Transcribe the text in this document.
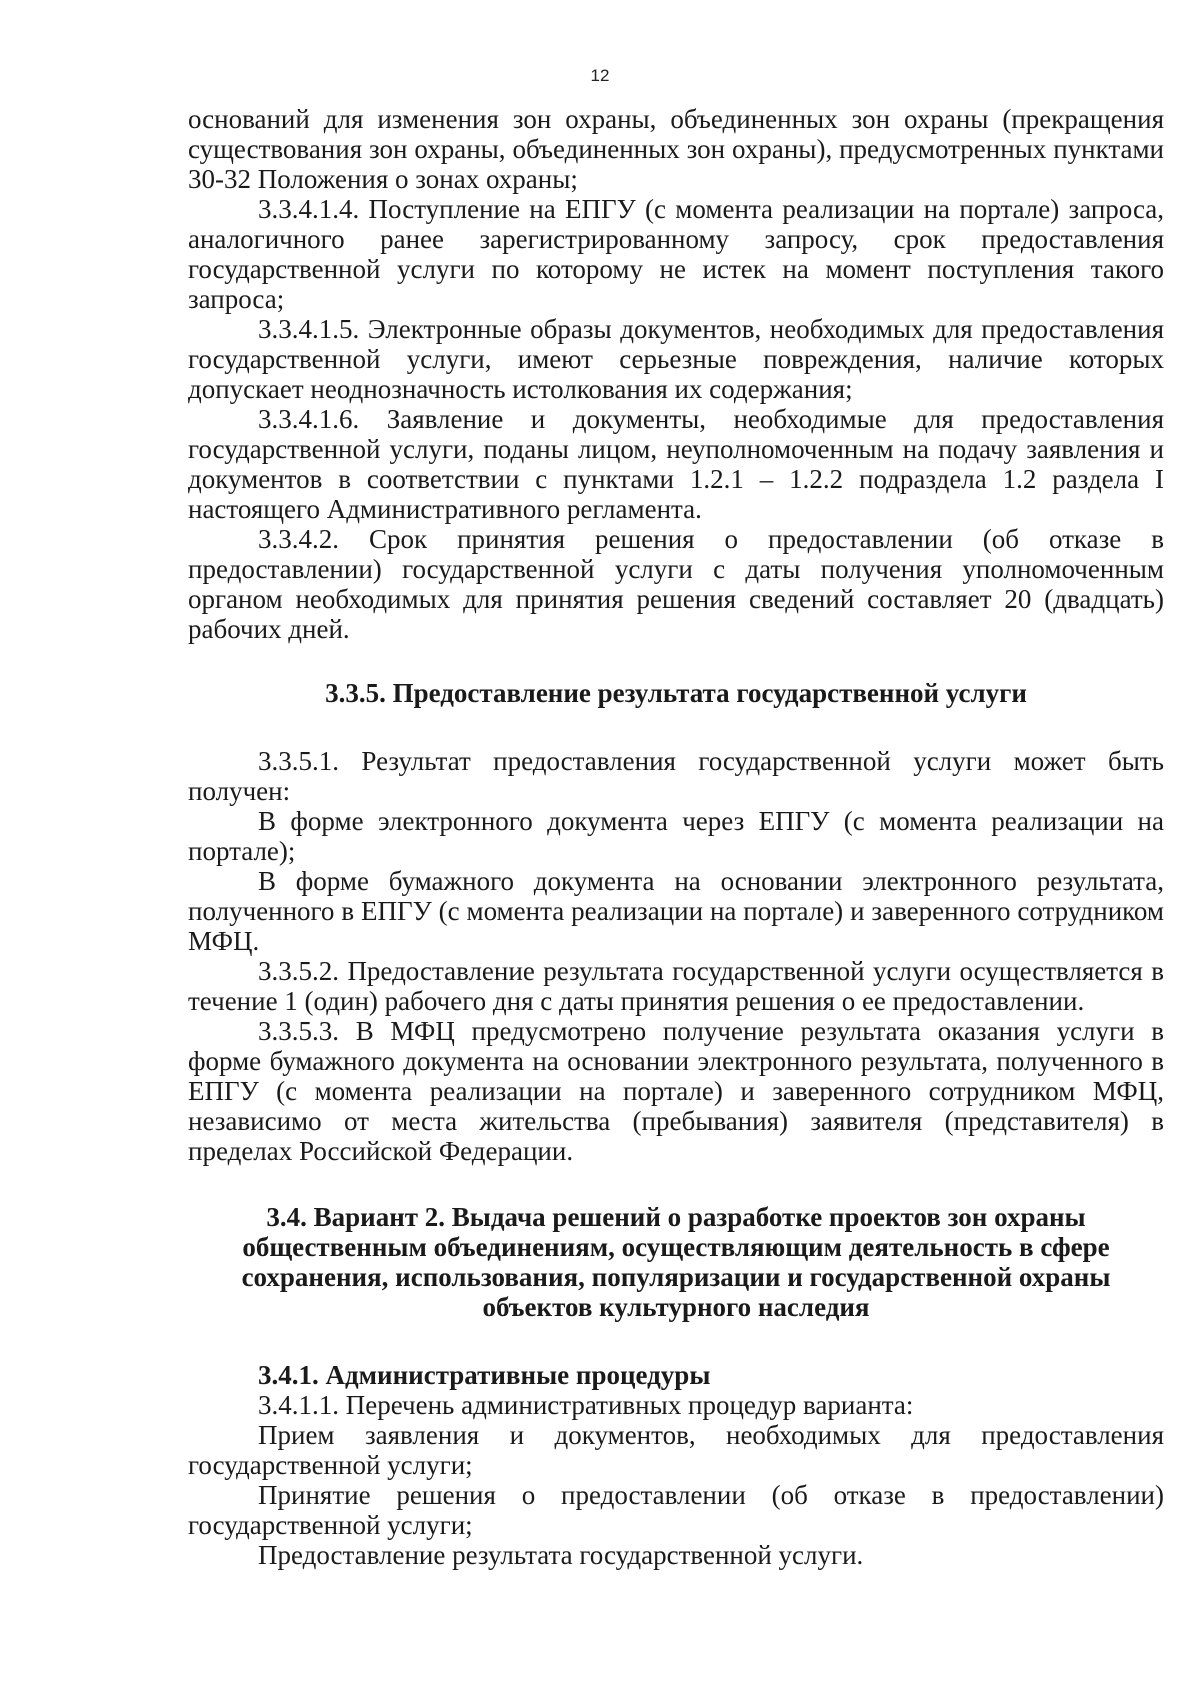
12

оснований для изменения зон охраны, объединенных зон охраны (прекращения существования зон охраны, объединенных зон охраны), предусмотренных пунктами 30-32 Положения о зонах охраны;

3.3.4.1.4. Поступление на ЕПГУ (с момента реализации на портале) запроса, аналогичного ранее зарегистрированному запросу, срок предоставления государственной услуги по которому не истек на момент поступления такого запроса;

3.3.4.1.5. Электронные образы документов, необходимых для предоставления государственной услуги, имеют серьезные повреждения, наличие которых допускает неоднозначность истолкования их содержания;

3.3.4.1.6. Заявление и документы, необходимые для предоставления государственной услуги, поданы лицом, неуполномоченным на подачу заявления и документов в соответствии с пунктами 1.2.1 – 1.2.2 подраздела 1.2 раздела I настоящего Административного регламента.

3.3.4.2. Срок принятия решения о предоставлении (об отказе в предоставлении) государственной услуги с даты получения уполномоченным органом необходимых для принятия решения сведений составляет 20 (двадцать) рабочих дней.

3.3.5. Предоставление результата государственной услуги

3.3.5.1. Результат предоставления государственной услуги может быть получен:

В форме электронного документа через ЕПГУ (с момента реализации на портале);

В форме бумажного документа на основании электронного результата, полученного в ЕПГУ (с момента реализации на портале) и заверенного сотрудником МФЦ.

3.3.5.2. Предоставление результата государственной услуги осуществляется в течение 1 (один) рабочего дня с даты принятия решения о ее предоставлении.

3.3.5.3. В МФЦ предусмотрено получение результата оказания услуги в форме бумажного документа на основании электронного результата, полученного в ЕПГУ (с момента реализации на портале) и заверенного сотрудником МФЦ, независимо от места жительства (пребывания) заявителя (представителя) в пределах Российской Федерации.

3.4. Вариант 2. Выдача решений о разработке проектов зон охраны

общественным объединениям, осуществляющим деятельность в сфере

сохранения, использования, популяризации и государственной охраны

объектов культурного наследия

3.4.1. Административные процедуры

3.4.1.1. Перечень административных процедур варианта:

Прием заявления и документов, необходимых для предоставления государственной услуги;

Принятие решения о предоставлении (об отказе в предоставлении) государственной услуги;

Предоставление результата государственной услуги.
